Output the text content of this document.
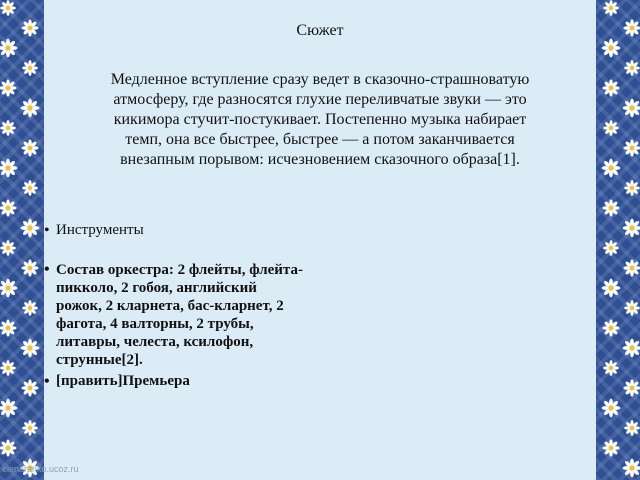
Сюжет
Медленное вступление сразу ведет в сказочно-страшноватую атмосферу, где разносятся глухие переливчатые звуки — это кикимора стучит-постукивает. Постепенно музыка набирает темп, она все быстрее, быстрее — а потом заканчивается внезапным порывом: исчезновением сказочного образа[1].
• Инструменты
• Состав оркестра: 2 флейты, флейта-пикколо, 2 гобоя, английский рожок, 2 кларнета, бас-кларнет, 2 фагота, 4 валторны, 2 трубы, литавры, челеста, ксилофон, струнные[2].
• [править]Премьера
elenaranko.ucoz.ru
